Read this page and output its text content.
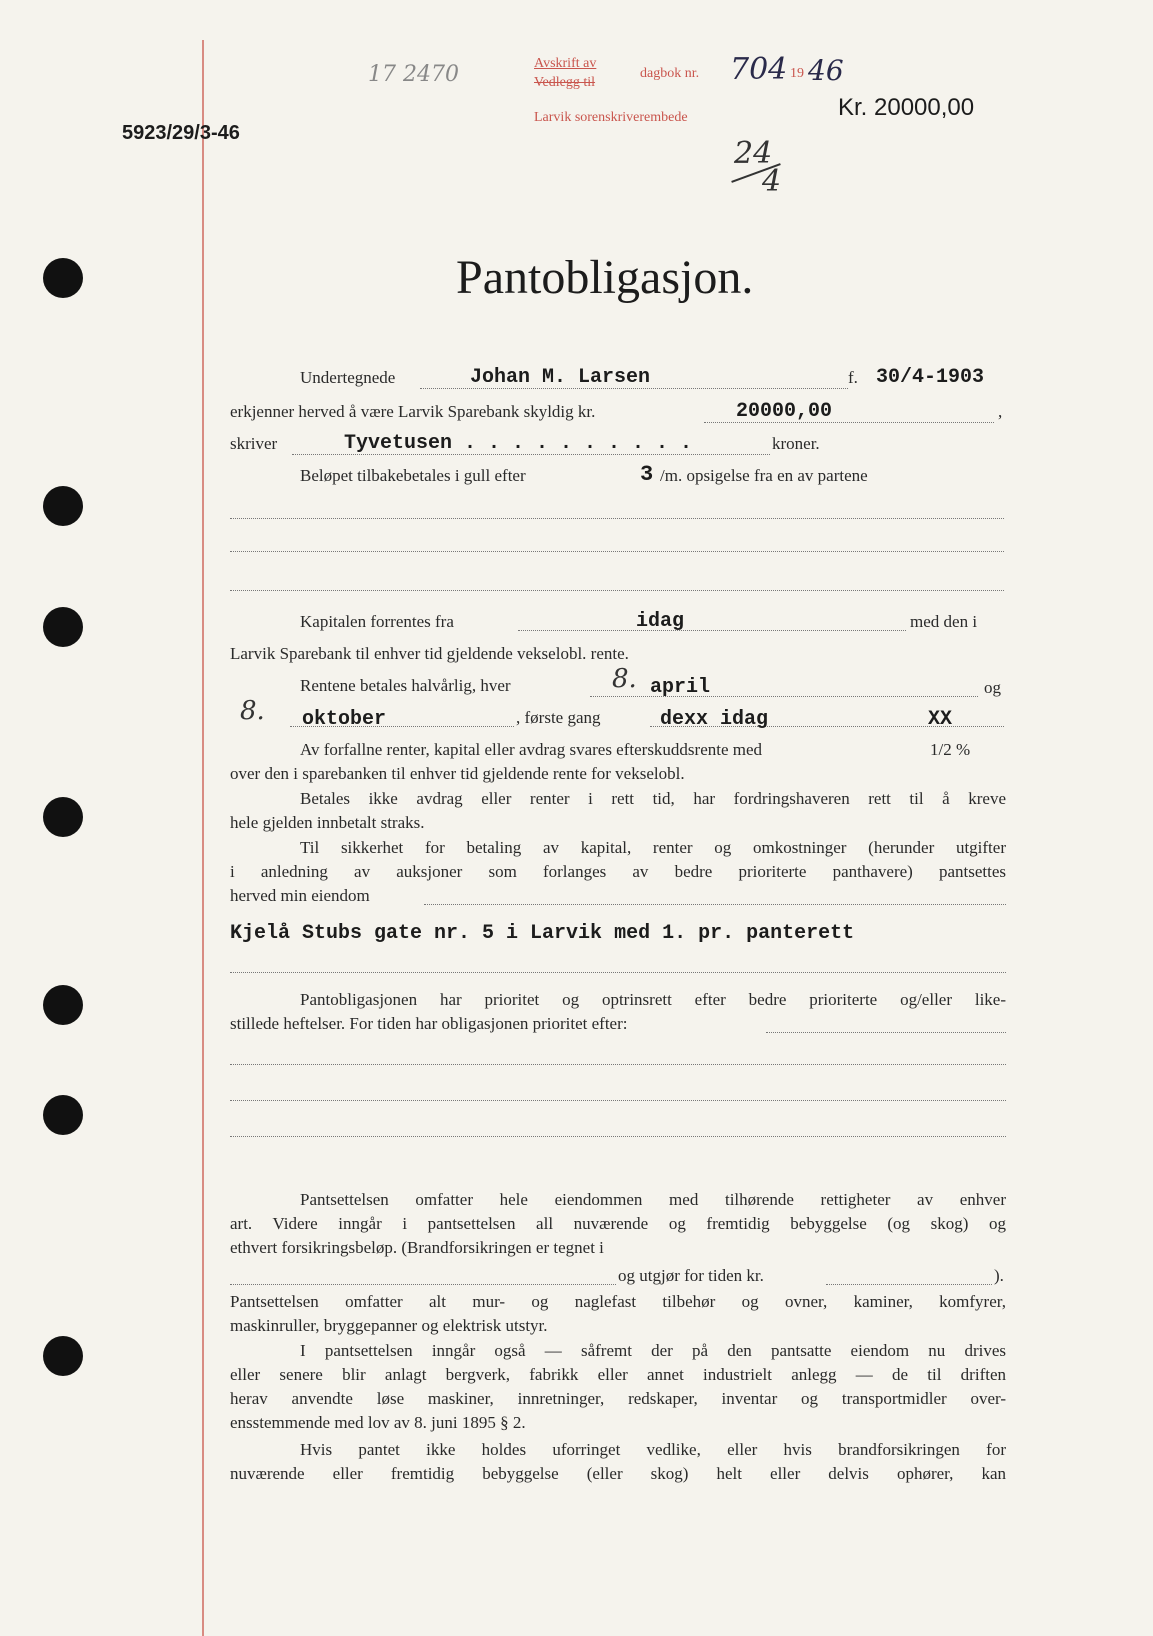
17 2470	Avskrift av
Vedlegg til
dagbok nr. 704 19 46
Larvik sorenskriverembede	Kr. 20000,00
5923/29/3-46
24
4
Pantobligasjon.
Undertegnede	Johan M. Larsen	f. 30/4-1903
erkjenner herved å være Larvik Sparebank skyldig kr.	20000,00	,
skriver	Tyvetusen . . . . . . . . . .	kroner.
Beløpet tilbakebetales i gull efter	3 /m. opsigelse fra en av partene
Kapitalen forrentes fra	idag	med den i
Larvik Sparebank til enhver tid gjeldende vekselobl. rente.
Rentene betales halvårlig, hver	8. april	og
8. oktober	, første gang	dexx idag	XX
Av forfallne renter, kapital eller avdrag svares efterskuddsrente med	1/2 %
over den i sparebanken til enhver tid gjeldende rente for vekselobl.
Betales ikke avdrag eller renter i rett tid, har fordringshaveren rett til å kreve
hele gjelden innbetalt straks.
Til sikkerhet for betaling av kapital, renter og omkostninger (herunder utgifter
i anledning av auksjoner som forlanges av bedre prioriterte panthavere) pantsettes
herved min eiendom
Kjelå Stubs gate nr. 5 i Larvik med 1. pr. panterett
Pantobligasjonen har prioritet og optrinsrett efter bedre prioriterte og/eller like-
stillede heftelser. For tiden har obligasjonen prioritet efter:
Pantsettelsen omfatter hele eiendommen med tilhørende rettigheter av enhver
art. Videre inngår i pantsettelsen all nuværende og fremtidig bebyggelse (og skog) og
ethvert forsikringsbeløp. (Brandforsikringen er tegnet i
og utgjør for tiden kr.	).
Pantsettelsen omfatter alt mur- og naglefast tilbehør og ovner, kaminer, komfyrer,
maskinruller, bryggepanner og elektrisk utstyr.
I pantsettelsen inngår også — såfremt der på den pantsatte eiendom nu drives
eller senere blir anlagt bergverk, fabrikk eller annet industrielt anlegg — de til driften
herav anvendte løse maskiner, innretninger, redskaper, inventar og transportmidler over-
ensstemmende med lov av 8. juni 1895 § 2.
Hvis pantet ikke holdes uforringet vedlike, eller hvis brandforsikringen for
nuværende eller fremtidig bebyggelse (eller skog) helt eller delvis ophører, kan
